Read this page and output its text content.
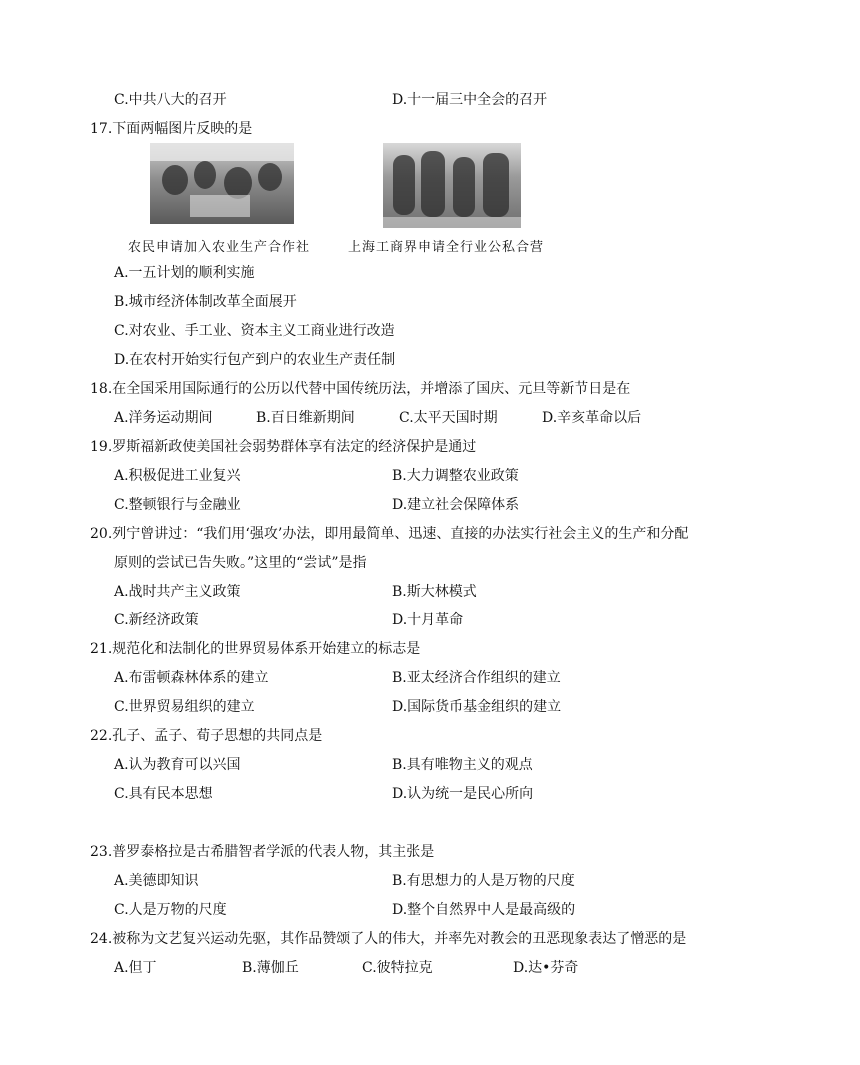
C.中共八大的召开	D.十一届三中全会的召开
17.下面两幅图片反映的是
农民申请加入农业生产合作社	上海工商界申请全行业公私合营
A.一五计划的顺利实施
B.城市经济体制改革全面展开
C.对农业、手工业、资本主义工商业进行改造
D.在农村开始实行包产到户的农业生产责任制
18.在全国采用国际通行的公历以代替中国传统历法，并增添了国庆、元旦等新节日是在
A.洋务运动期间	B.百日维新期间	C.太平天国时期	D.辛亥革命以后
19.罗斯福新政使美国社会弱势群体享有法定的经济保护是通过
A.积极促进工业复兴	B.大力调整农业政策
C.整顿银行与金融业	D.建立社会保障体系
20.列宁曾讲过：“我们用‘强攻’办法，即用最简单、迅速、直接的办法实行社会主义的生产和分配
原则的尝试已告失败。”这里的“尝试”是指
A.战时共产主义政策	B.斯大林模式
C.新经济政策	D.十月革命
21.规范化和法制化的世界贸易体系开始建立的标志是
A.布雷顿森林体系的建立	B.亚太经济合作组织的建立
C.世界贸易组织的建立	D.国际货币基金组织的建立
22.孔子、孟子、荀子思想的共同点是
A.认为教育可以兴国	B.具有唯物主义的观点
C.具有民本思想	D.认为统一是民心所向
23.普罗泰格拉是古希腊智者学派的代表人物，其主张是
A.美德即知识	B.有思想力的人是万物的尺度
C.人是万物的尺度	D.整个自然界中人是最高级的
24.被称为文艺复兴运动先驱，其作品赞颂了人的伟大，并率先对教会的丑恶现象表达了憎恶的是
A.但丁	B.薄伽丘	C.彼特拉克	D.达•芬奇
